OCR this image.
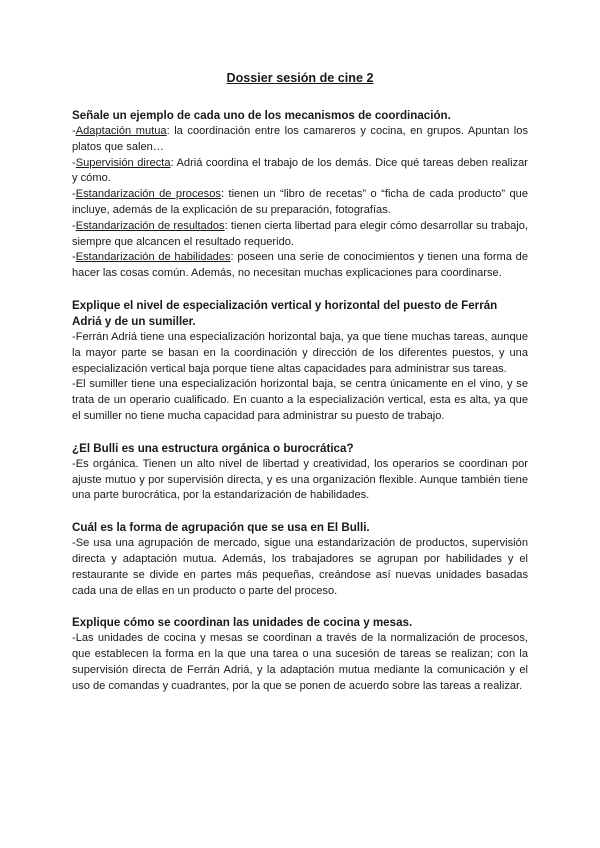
Dossier sesión de cine 2

Señale un ejemplo de cada uno de los mecanismos de coordinación.

-Adaptación mutua: la coordinación entre los camareros y cocina, en grupos. Apuntan los platos que salen…

-Supervisión directa: Adriá coordina el trabajo de los demás. Dice qué tareas deben realizar y cómo.

-Estandarización de procesos: tienen un “libro de recetas” o “ficha de cada producto” que incluye, además de la explicación de su preparación, fotografías.

-Estandarización de resultados: tienen cierta libertad para elegir cómo desarrollar su trabajo, siempre que alcancen el resultado requerido.

-Estandarización de habilidades: poseen una serie de conocimientos y tienen una forma de hacer las cosas común. Además, no necesitan muchas explicaciones para coordinarse.

Explique el nivel de especialización vertical y horizontal del puesto de Ferrán Adriá y de un sumiller.

-Ferrán Adriá tiene una especialización horizontal baja, ya que tiene muchas tareas, aunque la mayor parte se basan en la coordinación y dirección de los diferentes puestos, y una especialización vertical baja porque tiene altas capacidades para administrar sus tareas.

-El sumiller tiene una especialización horizontal baja, se centra únicamente en el vino, y se trata de un operario cualificado. En cuanto a la especialización vertical, esta es alta, ya que el sumiller no tiene mucha capacidad para administrar su puesto de trabajo.

¿El Bulli es una estructura orgánica o burocrática?

-Es orgánica. Tienen un alto nivel de libertad y creatividad, los operarios se coordinan por ajuste mutuo y por supervisión directa, y es una organización flexible. Aunque también tiene una parte burocrática, por la estandarización de habilidades.

Cuál es la forma de agrupación que se usa en El Bulli.

-Se usa una agrupación de mercado, sigue una estandarización de productos, supervisión directa y adaptación mutua. Además, los trabajadores se agrupan por habilidades y el restaurante se divide en partes más pequeñas, creándose así nuevas unidades basadas cada una de ellas en un producto o parte del proceso.

Explique cómo se coordinan las unidades de cocina y mesas.

-Las unidades de cocina y mesas se coordinan a través de la normalización de procesos, que establecen la forma en la que una tarea o una sucesión de tareas se realizan; con la supervisión directa de Ferrán Adriá, y la adaptación mutua mediante la comunicación y el uso de comandas y cuadrantes, por la que se ponen de acuerdo sobre las tareas a realizar.
